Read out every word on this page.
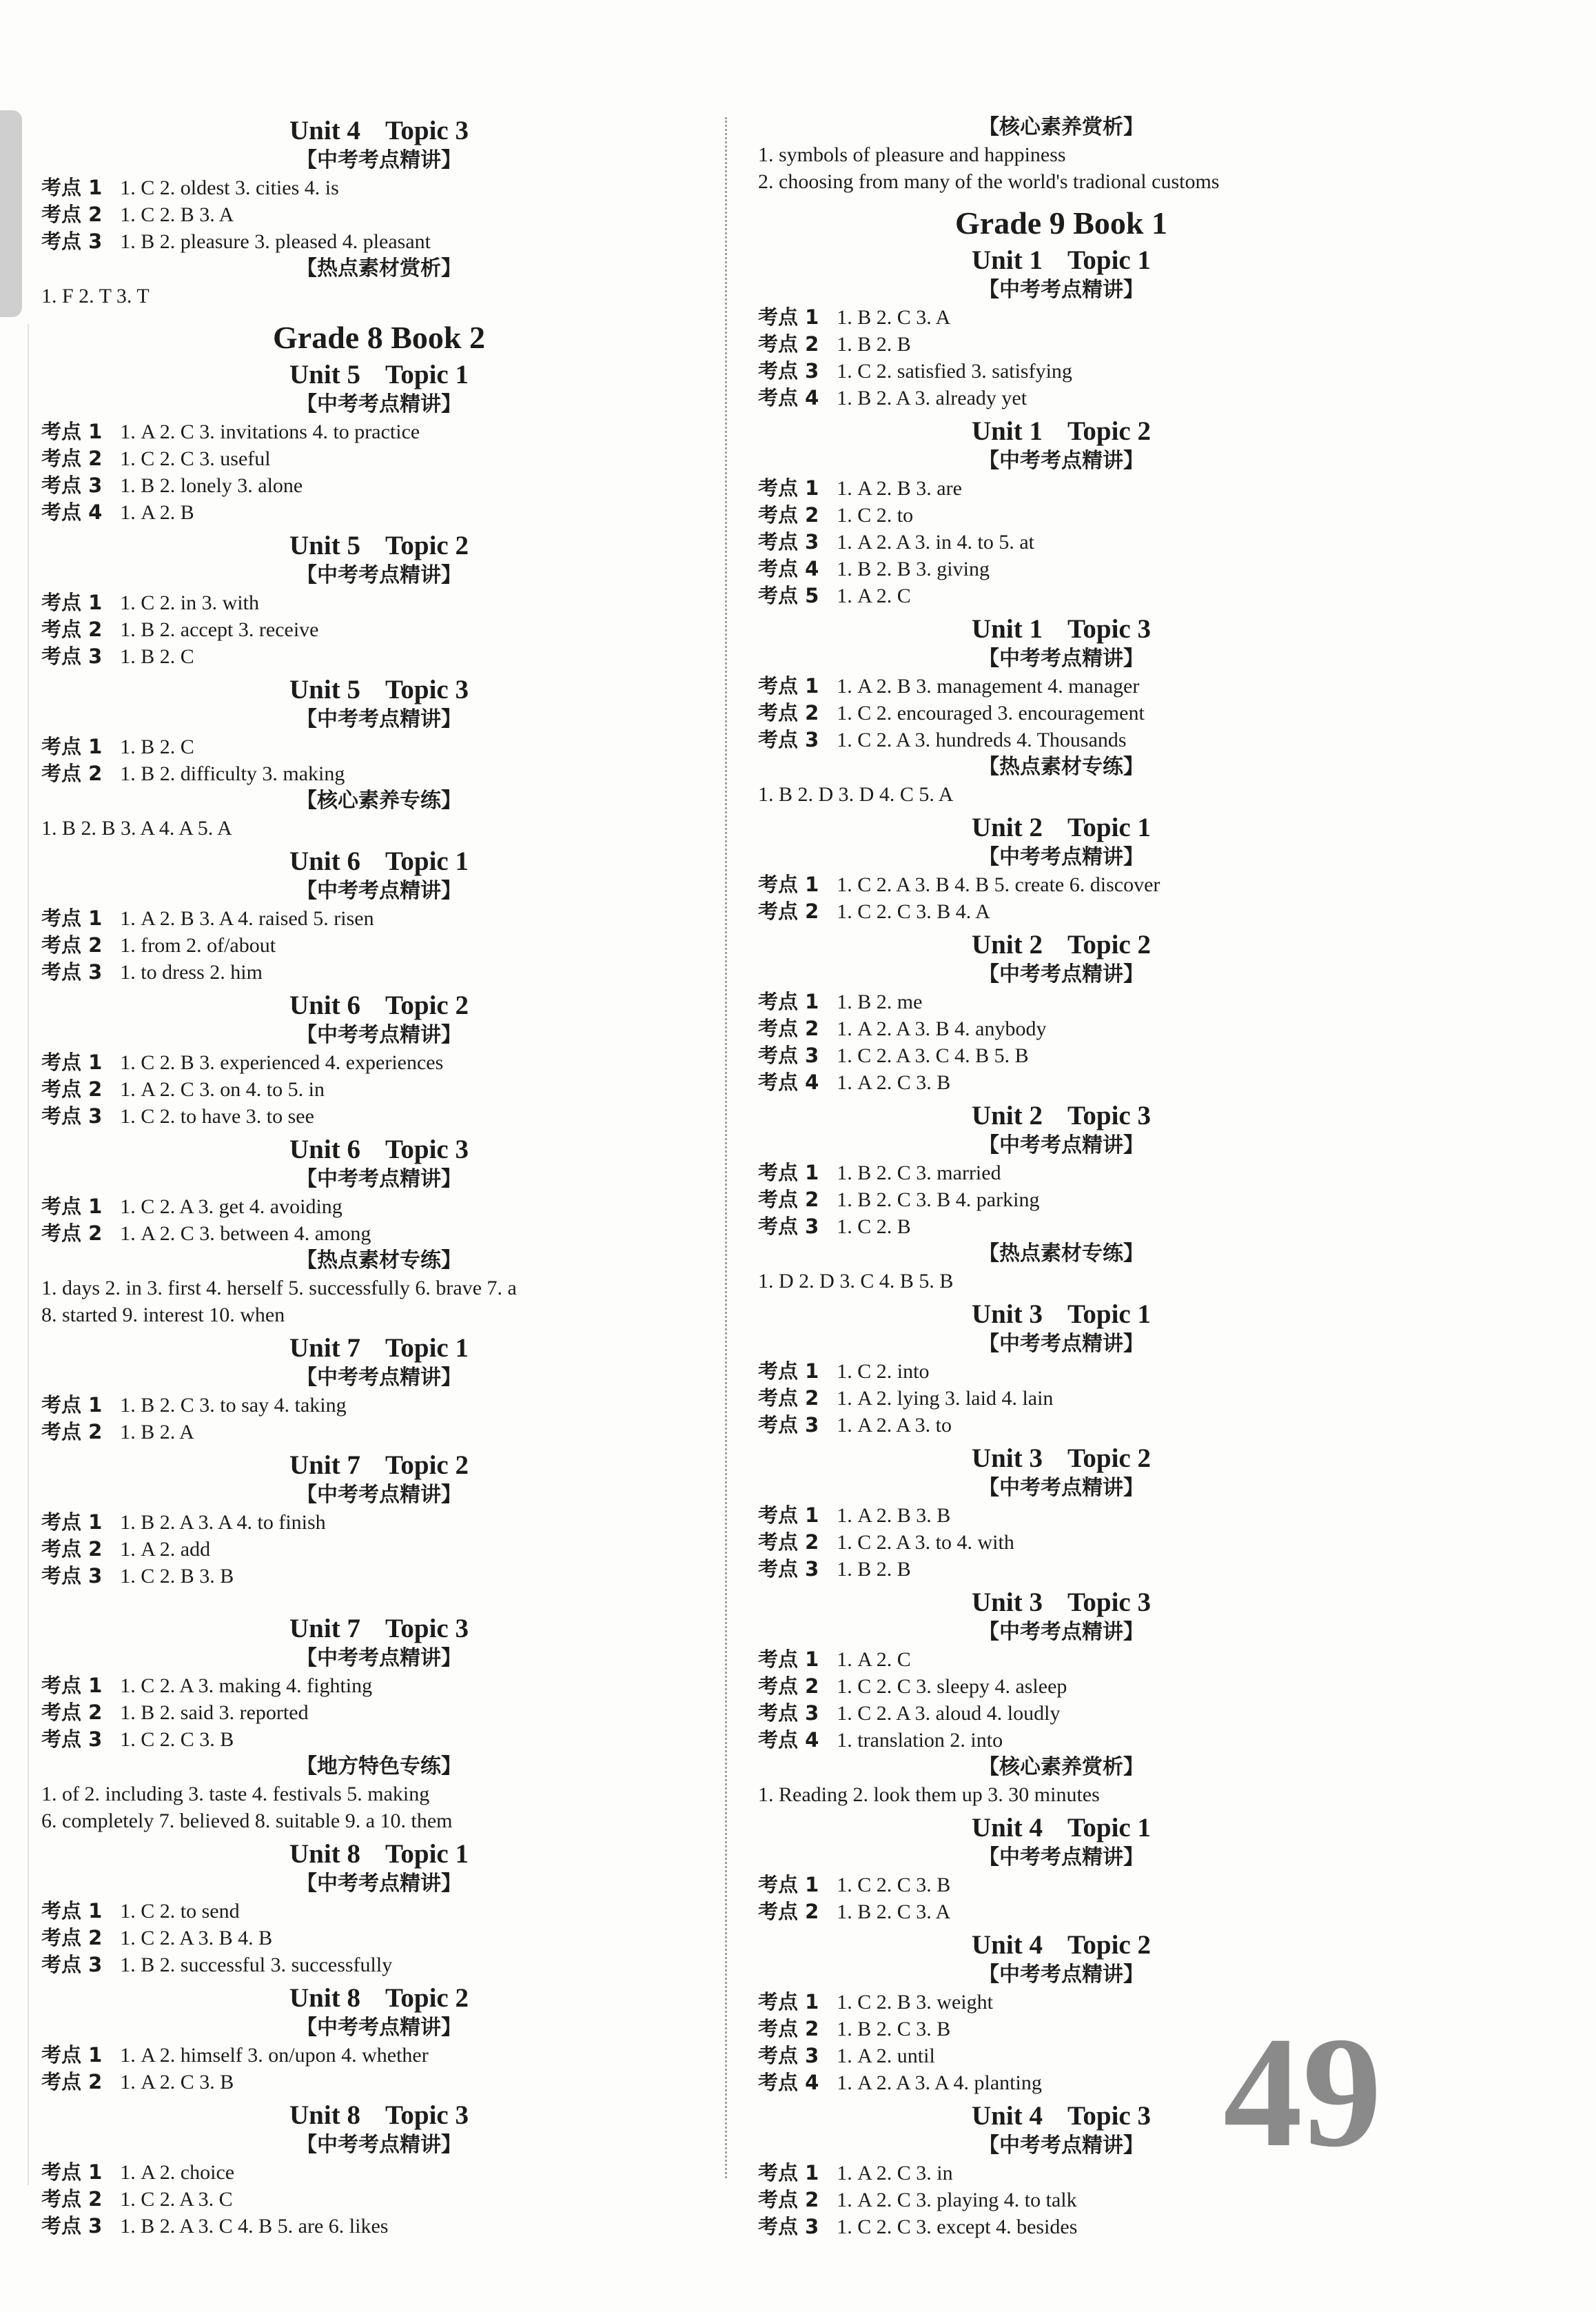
Unit 4 Topic 3
【中考考点精讲】
考点 1 1. C 2. oldest 3. cities 4. is
考点 2 1. C 2. B 3. A
考点 3 1. B 2. pleasure 3. pleased 4. pleasant
【热点素材赏析】
1. F 2. T 3. T
Grade 8 Book 2
Unit 5 Topic 1
【中考考点精讲】
考点 1 1. A 2. C 3. invitations 4. to practice
考点 2 1. C 2. C 3. useful
考点 3 1. B 2. lonely 3. alone
考点 4 1. A 2. B
Unit 5 Topic 2
【中考考点精讲】
考点 1 1. C 2. in 3. with
考点 2 1. B 2. accept 3. receive
考点 3 1. B 2. C
Unit 5 Topic 3
【中考考点精讲】
考点 1 1. B 2. C
考点 2 1. B 2. difficulty 3. making
【核心素养专练】
1. B 2. B 3. A 4. A 5. A
Unit 6 Topic 1
【中考考点精讲】
考点 1 1. A 2. B 3. A 4. raised 5. risen
考点 2 1. from 2. of/about
考点 3 1. to dress 2. him
Unit 6 Topic 2
【中考考点精讲】
考点 1 1. C 2. B 3. experienced 4. experiences
考点 2 1. A 2. C 3. on 4. to 5. in
考点 3 1. C 2. to have 3. to see
Unit 6 Topic 3
【中考考点精讲】
考点 1 1. C 2. A 3. get 4. avoiding
考点 2 1. A 2. C 3. between 4. among
【热点素材专练】
1. days 2. in 3. first 4. herself 5. successfully 6. brave 7. a
8. started 9. interest 10. when
Unit 7 Topic 1
【中考考点精讲】
考点 1 1. B 2. C 3. to say 4. taking
考点 2 1. B 2. A
Unit 7 Topic 2
【中考考点精讲】
考点 1 1. B 2. A 3. A 4. to finish
考点 2 1. A 2. add
考点 3 1. C 2. B 3. B
Unit 7 Topic 3
【中考考点精讲】
考点 1 1. C 2. A 3. making 4. fighting
考点 2 1. B 2. said 3. reported
考点 3 1. C 2. C 3. B
【地方特色专练】
1. of 2. including 3. taste 4. festivals 5. making
6. completely 7. believed 8. suitable 9. a 10. them
Unit 8 Topic 1
【中考考点精讲】
考点 1 1. C 2. to send
考点 2 1. C 2. A 3. B 4. B
考点 3 1. B 2. successful 3. successfully
Unit 8 Topic 2
【中考考点精讲】
考点 1 1. A 2. himself 3. on/upon 4. whether
考点 2 1. A 2. C 3. B
Unit 8 Topic 3
【中考考点精讲】
考点 1 1. A 2. choice
考点 2 1. C 2. A 3. C
考点 3 1. B 2. A 3. C 4. B 5. are 6. likes
【核心素养赏析】
1. symbols of pleasure and happiness
2. choosing from many of the world's tradional customs
Grade 9 Book 1
Unit 1 Topic 1
【中考考点精讲】
考点 1 1. B 2. C 3. A
考点 2 1. B 2. B
考点 3 1. C 2. satisfied 3. satisfying
考点 4 1. B 2. A 3. already yet
Unit 1 Topic 2
【中考考点精讲】
考点 1 1. A 2. B 3. are
考点 2 1. C 2. to
考点 3 1. A 2. A 3. in 4. to 5. at
考点 4 1. B 2. B 3. giving
考点 5 1. A 2. C
Unit 1 Topic 3
【中考考点精讲】
考点 1 1. A 2. B 3. management 4. manager
考点 2 1. C 2. encouraged 3. encouragement
考点 3 1. C 2. A 3. hundreds 4. Thousands
【热点素材专练】
1. B 2. D 3. D 4. C 5. A
Unit 2 Topic 1
【中考考点精讲】
考点 1 1. C 2. A 3. B 4. B 5. create 6. discover
考点 2 1. C 2. C 3. B 4. A
Unit 2 Topic 2
【中考考点精讲】
考点 1 1. B 2. me
考点 2 1. A 2. A 3. B 4. anybody
考点 3 1. C 2. A 3. C 4. B 5. B
考点 4 1. A 2. C 3. B
Unit 2 Topic 3
【中考考点精讲】
考点 1 1. B 2. C 3. married
考点 2 1. B 2. C 3. B 4. parking
考点 3 1. C 2. B
【热点素材专练】
1. D 2. D 3. C 4. B 5. B
Unit 3 Topic 1
【中考考点精讲】
考点 1 1. C 2. into
考点 2 1. A 2. lying 3. laid 4. lain
考点 3 1. A 2. A 3. to
Unit 3 Topic 2
【中考考点精讲】
考点 1 1. A 2. B 3. B
考点 2 1. C 2. A 3. to 4. with
考点 3 1. B 2. B
Unit 3 Topic 3
【中考考点精讲】
考点 1 1. A 2. C
考点 2 1. C 2. C 3. sleepy 4. asleep
考点 3 1. C 2. A 3. aloud 4. loudly
考点 4 1. translation 2. into
【核心素养赏析】
1. Reading 2. look them up 3. 30 minutes
Unit 4 Topic 1
【中考考点精讲】
考点 1 1. C 2. C 3. B
考点 2 1. B 2. C 3. A
Unit 4 Topic 2
【中考考点精讲】
考点 1 1. C 2. B 3. weight
考点 2 1. B 2. C 3. B
考点 3 1. A 2. until
考点 4 1. A 2. A 3. A 4. planting
Unit 4 Topic 3
【中考考点精讲】
考点 1 1. A 2. C 3. in
考点 2 1. A 2. C 3. playing 4. to talk
考点 3 1. C 2. C 3. except 4. besides
49
